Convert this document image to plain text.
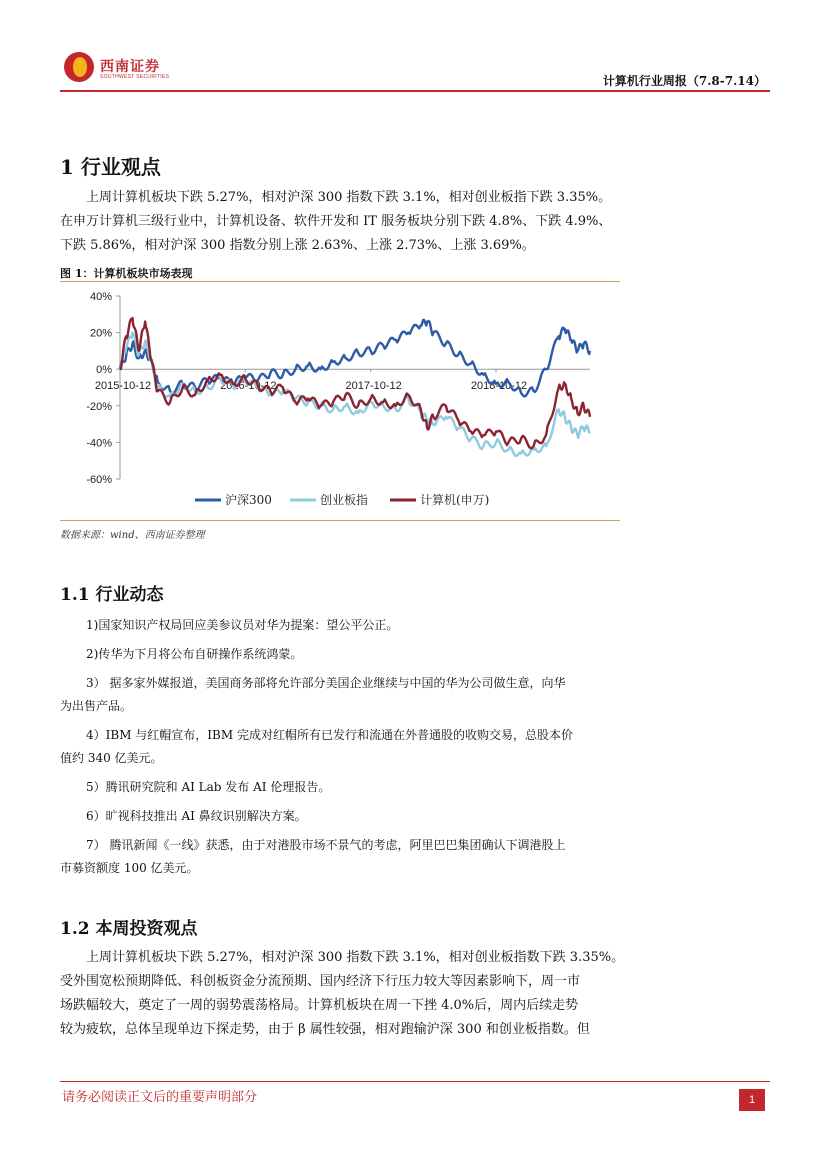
西南证券
SOUTHWEST SECURITIES	计算机行业周报（7.8-7.14）
1 行业观点
上周计算机板块下跌 5.27%，相对沪深 300 指数下跌 3.1%，相对创业板指下跌 3.35%。
在申万计算机三级行业中，计算机设备、软件开发和 IT 服务板块分别下跌 4.8%、下跌 4.9%、
下跌 5.86%，相对沪深 300 指数分别上涨 2.63%、上涨 2.73%、上涨 3.69%。
图 1：计算机板块市场表现
40%
20%
0%
-20%
-40%
-60%
2015-10-12	2016-10-12	2017-10-12	2018-10-12
沪深300	创业板指	计算机(申万)
数据来源：wind、西南证券整理
1.1 行业动态
1)国家知识产权局回应美参议员对华为提案：望公平公正。
2)传华为下月将公布自研操作系统鸿蒙。
3） 据多家外媒报道，美国商务部将允许部分美国企业继续与中国的华为公司做生意，向华
为出售产品。
4）IBM 与红帽宣布，IBM 完成对红帽所有已发行和流通在外普通股的收购交易，总股本价
值约 340 亿美元。
5）腾讯研究院和 AI Lab 发布 AI 伦理报告。
6）旷视科技推出 AI 鼻纹识别解决方案。
7） 腾讯新闻《一线》获悉，由于对港股市场不景气的考虑，阿里巴巴集团确认下调港股上
市募资额度 100 亿美元。
1.2 本周投资观点
上周计算机板块下跌 5.27%，相对沪深 300 指数下跌 3.1%，相对创业板指数下跌 3.35%。
受外围宽松预期降低、科创板资金分流预期、国内经济下行压力较大等因素影响下，周一市
场跌幅较大，奠定了一周的弱势震荡格局。计算机板块在周一下挫 4.0%后，周内后续走势
较为疲软，总体呈现单边下探走势，由于 β 属性较强，相对跑输沪深 300 和创业板指数。但
请务必阅读正文后的重要声明部分	1
